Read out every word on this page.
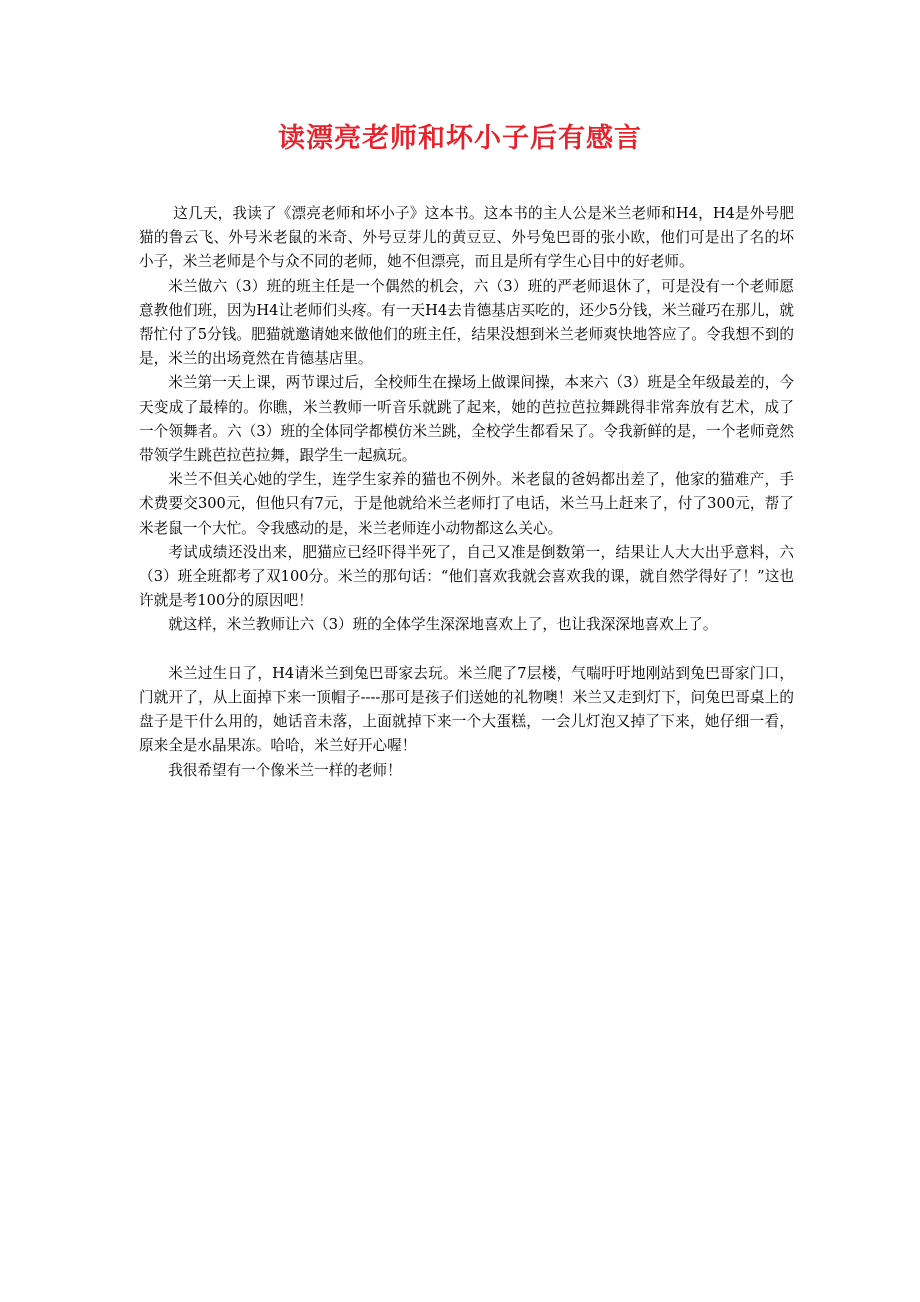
读漂亮老师和坏小子后有感言

这几天，我读了《漂亮老师和坏小子》这本书。这本书的主人公是米兰老师和H4，H4是外号肥猫的鲁云飞、外号米老鼠的米奇、外号豆芽儿的黄豆豆、外号兔巴哥的张小欧，他们可是出了名的坏小子，米兰老师是个与众不同的老师，她不但漂亮，而且是所有学生心目中的好老师。

米兰做六（3）班的班主任是一个偶然的机会，六（3）班的严老师退休了，可是没有一个老师愿意教他们班，因为H4让老师们头疼。有一天H4去肯德基店买吃的，还少5分钱，米兰碰巧在那儿，就帮忙付了5分钱。肥猫就邀请她来做他们的班主任，结果没想到米兰老师爽快地答应了。令我想不到的是，米兰的出场竟然在肯德基店里。

米兰第一天上课，两节课过后，全校师生在操场上做课间操，本来六（3）班是全年级最差的，今天变成了最棒的。你瞧，米兰教师一听音乐就跳了起来，她的芭拉芭拉舞跳得非常奔放有艺术，成了一个领舞者。六（3）班的全体同学都模仿米兰跳，全校学生都看呆了。令我新鲜的是，一个老师竟然带领学生跳芭拉芭拉舞，跟学生一起疯玩。

米兰不但关心她的学生，连学生家养的猫也不例外。米老鼠的爸妈都出差了，他家的猫难产，手术费要交300元，但他只有7元，于是他就给米兰老师打了电话，米兰马上赶来了，付了300元，帮了米老鼠一个大忙。令我感动的是，米兰老师连小动物都这么关心。

考试成绩还没出来，肥猫应已经吓得半死了，自己又准是倒数第一，结果让人大大出乎意料，六（3）班全班都考了双100分。米兰的那句话：“他们喜欢我就会喜欢我的课，就自然学得好了！”这也许就是考100分的原因吧！

就这样，米兰教师让六（3）班的全体学生深深地喜欢上了，也让我深深地喜欢上了。

米兰过生日了，H4请米兰到兔巴哥家去玩。米兰爬了7层楼，气喘吁吁地刚站到兔巴哥家门口，门就开了，从上面掉下来一顶帽子----那可是孩子们送她的礼物噢！米兰又走到灯下，问兔巴哥桌上的盘子是干什么用的，她话音未落，上面就掉下来一个大蛋糕，一会儿灯泡又掉了下来，她仔细一看，原来全是水晶果冻。哈哈，米兰好开心喔！

我很希望有一个像米兰一样的老师！
